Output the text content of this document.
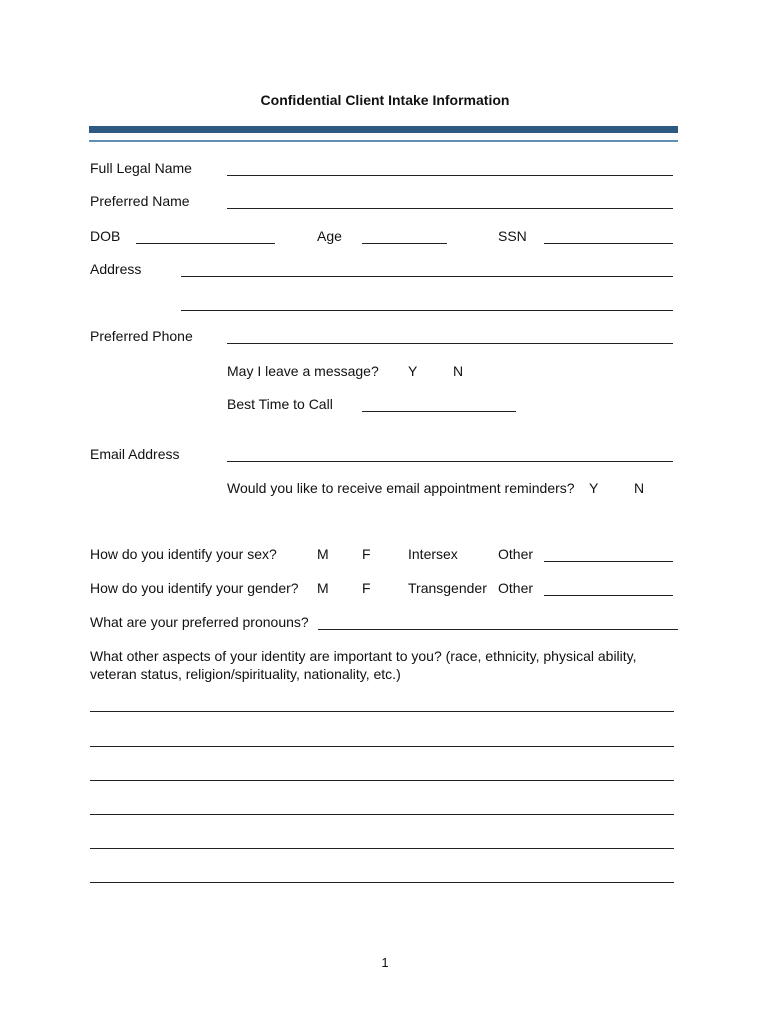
Confidential Client Intake Information
Full Legal Name
Preferred Name
DOB	Age	SSN
Address
Preferred Phone
May I leave a message? Y	N
Best Time to Call
Email Address
Would you like to receive email appointment reminders? Y	N
How do you identify your sex?	M F	Intersex	Other
How do you identify your gender? M F	Transgender Other
What are your preferred pronouns?
What other aspects of your identity are important to you? (race, ethnicity, physical ability,
veteran status, religion/spirituality, nationality, etc.)
1
